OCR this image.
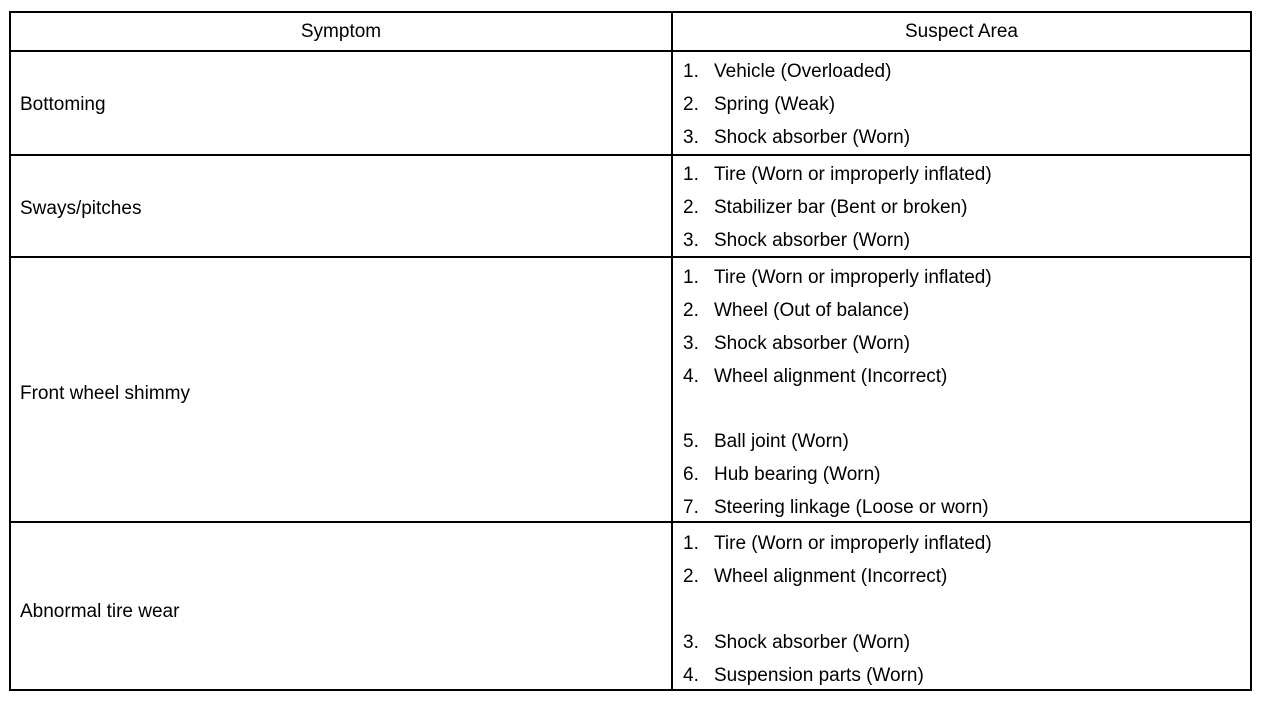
Symptom	Suspect Area
Bottoming
1. Vehicle (Overloaded)
2. Spring (Weak)
3. Shock absorber (Worn)
Sways/pitches
1. Tire (Worn or improperly inflated)
2. Stabilizer bar (Bent or broken)
3. Shock absorber (Worn)
Front wheel shimmy
1. Tire (Worn or improperly inflated)
2. Wheel (Out of balance)
3. Shock absorber (Worn)
4. Wheel alignment (Incorrect)
5. Ball joint (Worn)
6. Hub bearing (Worn)
7. Steering linkage (Loose or worn)
Abnormal tire wear
1. Tire (Worn or improperly inflated)
2. Wheel alignment (Incorrect)
3. Shock absorber (Worn)
4. Suspension parts (Worn)
